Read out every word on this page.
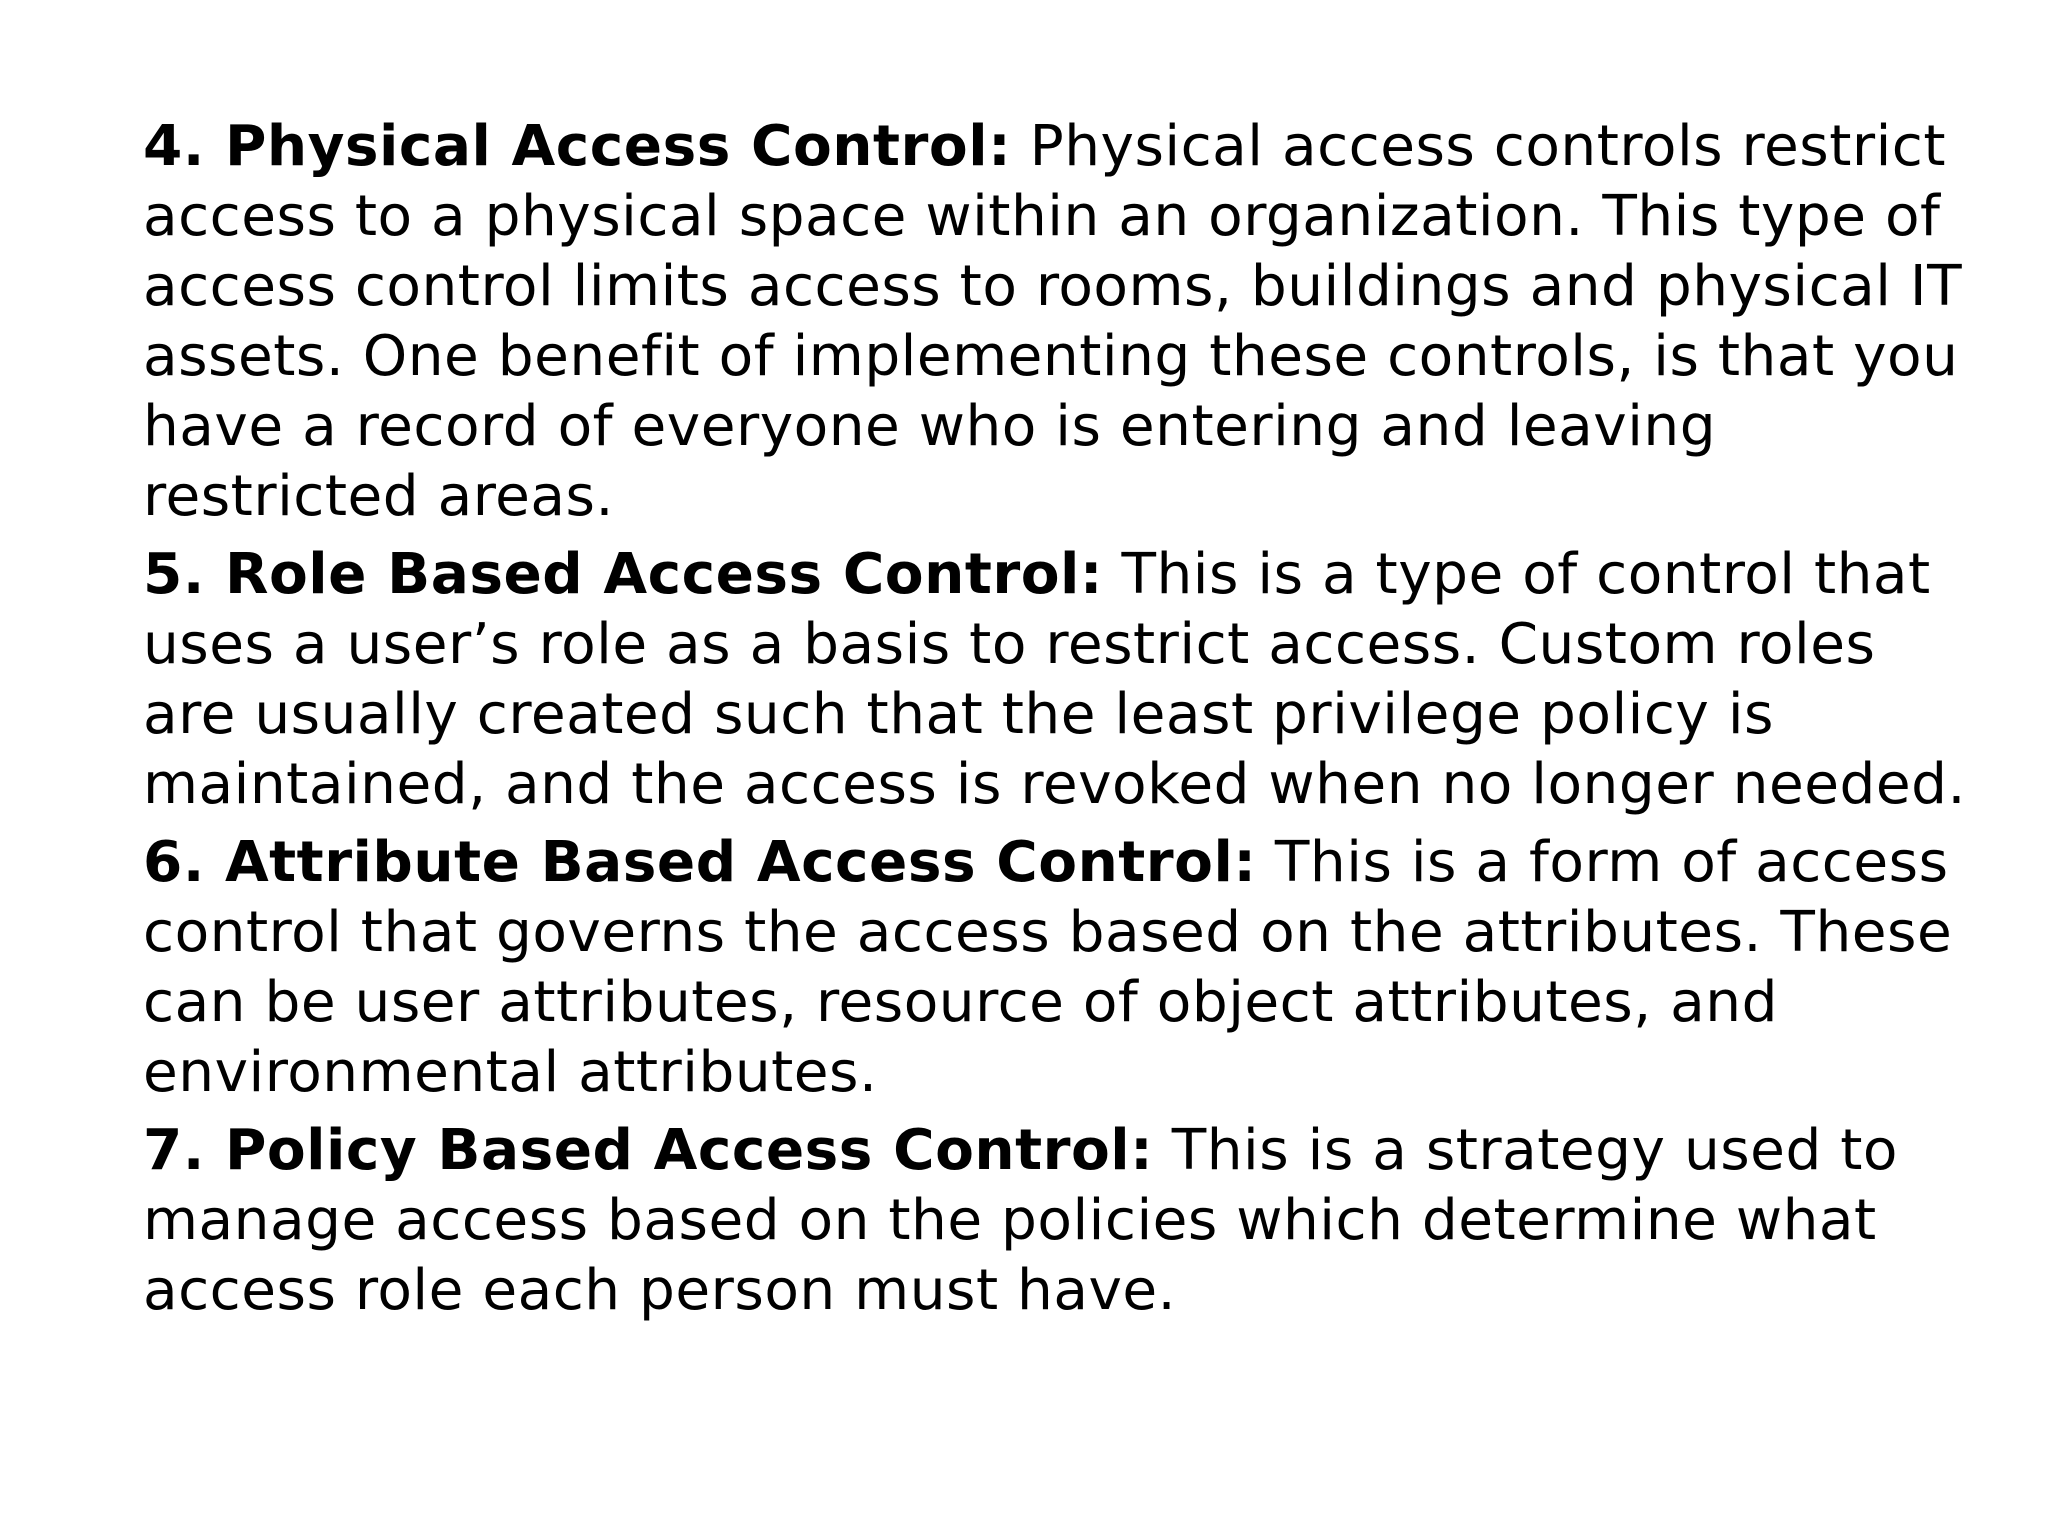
4. Physical Access Control: Physical access controls restrict access to a physical space within an organization. This type of access control limits access to rooms, buildings and physical IT assets. One benefit of implementing these controls, is that you have a record of everyone who is entering and leaving restricted areas.

5. Role Based Access Control: This is a type of control that uses a user’s role as a basis to restrict access. Custom roles are usually created such that the least privilege policy is maintained, and the access is revoked when no longer needed.

6. Attribute Based Access Control: This is a form of access control that governs the access based on the attributes. These can be user attributes, resource of object attributes, and environmental attributes.

7. Policy Based Access Control: This is a strategy used to manage access based on the policies which determine what access role each person must have.
